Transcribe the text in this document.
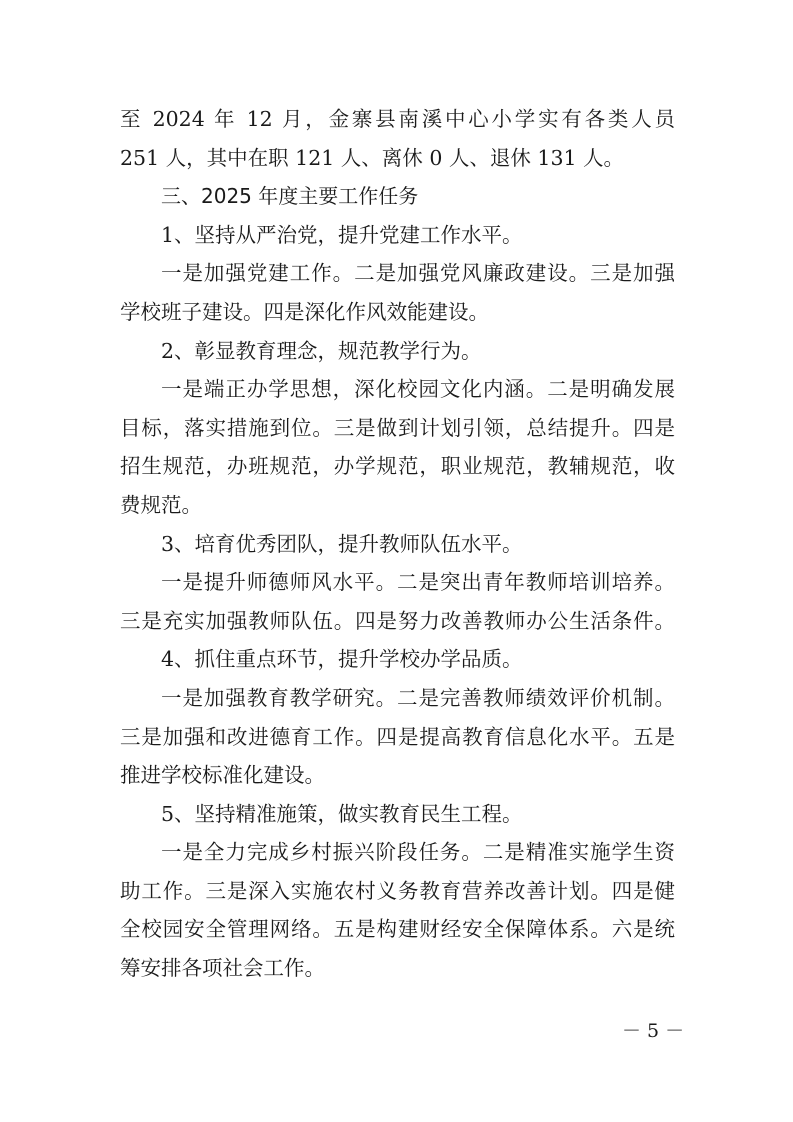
至 2024 年 12 月，金寨县南溪中心小学实有各类人员
251 人，其中在职 121 人、离休 0 人、退休 131 人。
三、2025 年度主要工作任务
1、坚持从严治党，提升党建工作水平。
一是加强党建工作。二是加强党风廉政建设。三是加强
学校班子建设。四是深化作风效能建设。
2、彰显教育理念，规范教学行为。
一是端正办学思想，深化校园文化内涵。二是明确发展
目标，落实措施到位。三是做到计划引领，总结提升。四是
招生规范，办班规范，办学规范，职业规范，教辅规范，收
费规范。
3、培育优秀团队，提升教师队伍水平。
一是提升师德师风水平。二是突出青年教师培训培养。
三是充实加强教师队伍。四是努力改善教师办公生活条件。
4、抓住重点环节，提升学校办学品质。
一是加强教育教学研究。二是完善教师绩效评价机制。
三是加强和改进德育工作。四是提高教育信息化水平。五是
推进学校标准化建设。
5、坚持精准施策，做实教育民生工程。
一是全力完成乡村振兴阶段任务。二是精准实施学生资
助工作。三是深入实施农村义务教育营养改善计划。四是健
全校园安全管理网络。五是构建财经安全保障体系。六是统
筹安排各项社会工作。
－ 5 －
